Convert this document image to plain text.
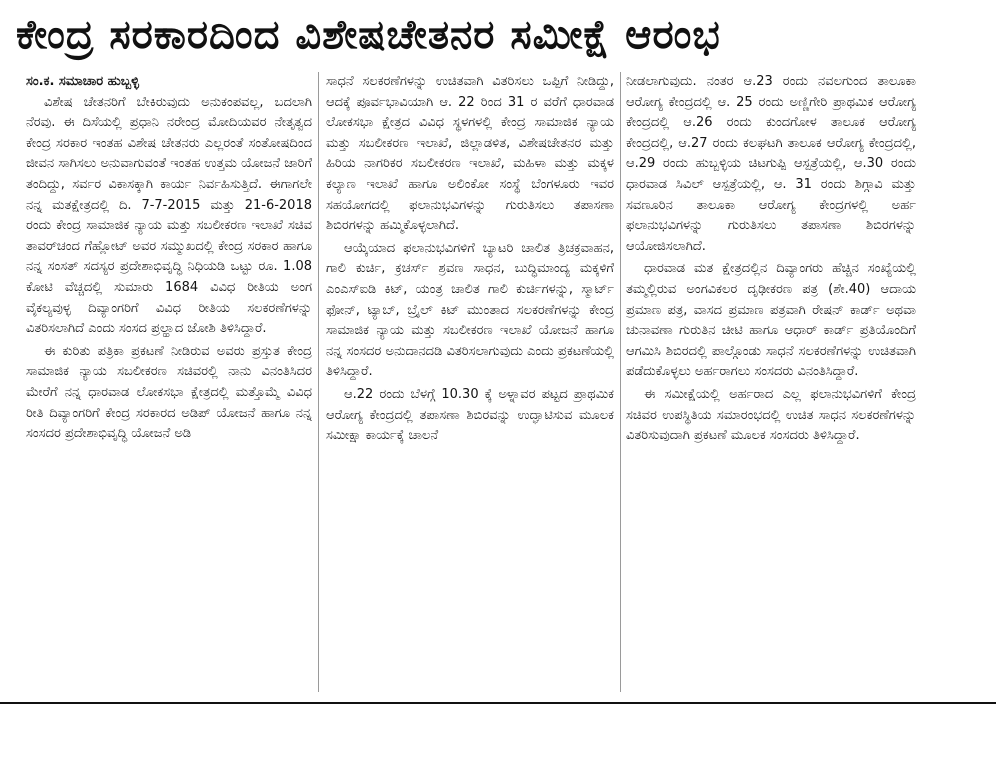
ಕೇಂದ್ರ ಸರಕಾರದಿಂದ ವಿಶೇಷಚೇತನರ ಸಮೀಕ್ಷೆ ಆರಂಭ
ಸಂ.ಕ. ಸಮಾಚಾರ ಹುಬ್ಬಳ್ಳಿ

ವಿಶೇಷ ಚೇತನರಿಗೆ ಬೇಕಿರುವುದು ಅನುಕಂಪವಲ್ಲ, ಬದಲಾಗಿ ನೆರವು. ಈ ದಿಸೆಯಲ್ಲಿ ಪ್ರಧಾನಿ ನರೇಂದ್ರ ಮೋದಿಯವರ ನೇತೃತ್ವದ ಕೇಂದ್ರ ಸರಕಾರ ಇಂತಹ ವಿಶೇಷ ಚೇತನರು ಎಲ್ಲರಂತೆ ಸಂತೋಷದಿಂದ ಜೀವನ ಸಾಗಿಸಲು ಅನುವಾಗುವಂತೆ ಇಂತಹ ಉತ್ತಮ ಯೋಜನೆ ಜಾರಿಗೆ ತಂದಿದ್ದು, ಸರ್ವರ ವಿಕಾಸಕ್ಕಾಗಿ ಕಾರ್ಯ ನಿರ್ವಹಿಸುತ್ತಿದೆ. ಈಗಾಗಲೇ ನನ್ನ ಮತಕ್ಷೇತ್ರದಲ್ಲಿ ದಿ. 7-7-2015 ಮತ್ತು 21-6-2018 ರಂದು ಕೇಂದ್ರ ಸಾಮಾಜಿಕ ನ್ಯಾಯ ಮತ್ತು ಸಬಲೀಕರಣ ಇಲಾಖೆ ಸಚಿವ ತಾವರ್‌ಚಂದ ಗೆಹ್ಲೋಟ್ ಅವರ ಸಮ್ಮುಖದಲ್ಲಿ ಕೇಂದ್ರ ಸರಕಾರ ಹಾಗೂ ನನ್ನ ಸಂಸತ್ ಸದಸ್ಯರ ಪ್ರದೇಶಾಭಿವೃದ್ಧಿ ನಿಧಿಯಡಿ ಒಟ್ಟು ರೂ. 1.08 ಕೋಟಿ ವೆಚ್ಚದಲ್ಲಿ ಸುಮಾರು 1684 ವಿವಿಧ ರೀತಿಯ ಅಂಗ ವೈಕಲ್ಯವುಳ್ಳ ದಿವ್ಯಾಂಗರಿಗೆ ವಿವಿಧ ರೀತಿಯ ಸಲಕರಣೆಗಳನ್ನು ವಿತರಿಸಲಾಗಿದೆ ಎಂದು ಸಂಸದ ಪ್ರಲ್ಹಾದ ಜೋಶಿ ತಿಳಿಸಿದ್ದಾರೆ.

ಈ ಕುರಿತು ಪತ್ರಿಕಾ ಪ್ರಕಟಣೆ ನೀಡಿರುವ ಅವರು ಪ್ರಸ್ತುತ ಕೇಂದ್ರ ಸಾಮಾಜಿಕ ನ್ಯಾಯ ಸಬಲೀಕರಣ ಸಚಿವರಲ್ಲಿ ನಾನು ವಿನಂತಿಸಿದರ ಮೇರೆಗೆ ನನ್ನ ಧಾರವಾಡ ಲೋಕಸಭಾ ಕ್ಷೇತ್ರದಲ್ಲಿ ಮತ್ತೊಮ್ಮೆ ವಿವಿಧ ರೀತಿ ದಿವ್ಯಾಂಗರಿಗೆ ಕೇಂದ್ರ ಸರಕಾರದ ಅಡಿಪ್ ಯೋಜನೆ ಹಾಗೂ ನನ್ನ ಸಂಸದರ ಪ್ರದೇಶಾಭಿವೃದ್ಧಿ ಯೋಜನೆ ಅಡಿ

ಸಾಧನೆ ಸಲಕರಣೆಗಳನ್ನು ಉಚಿತವಾಗಿ ವಿತರಿಸಲು ಒಪ್ಪಿಗೆ ನೀಡಿದ್ದು, ಆದಕ್ಕೆ ಪೂರ್ವಭಾವಿಯಾಗಿ ಆ. 22 ರಿಂದ 31 ರ ವರೆಗೆ ಧಾರವಾಡ ಲೋಕಸಭಾ ಕ್ಷೇತ್ರದ ವಿವಿಧ ಸ್ಥಳಗಳಲ್ಲಿ ಕೇಂದ್ರ ಸಾಮಾಜಿಕ ನ್ಯಾಯ ಮತ್ತು ಸಬಲೀಕರಣ ಇಲಾಖೆ, ಜಿಲ್ಲಾಡಳಿತ, ವಿಶೇಷಚೇತನರ ಮತ್ತು ಹಿರಿಯ ನಾಗರಿಕರ ಸಬಲೀಕರಣ ಇಲಾಖೆ, ಮಹಿಳಾ ಮತ್ತು ಮಕ್ಕಳ ಕಲ್ಯಾಣ ಇಲಾಖೆ ಹಾಗೂ ಅಲಿಂಕೋ ಸಂಸ್ಥೆ ಬೆಂಗಳೂರು ಇವರ ಸಹಯೋಗದಲ್ಲಿ ಫಲಾನುಭವಿಗಳನ್ನು ಗುರುತಿಸಲು ತಪಾಸಣಾ ಶಿಬಿರಗಳನ್ನು ಹಮ್ಮಿಕೊಳ್ಳಲಾಗಿದೆ.

ಆಯ್ಕೆಯಾದ ಫಲಾನುಭವಿಗಳಿಗೆ ಬ್ಯಾಟರಿ ಚಾಲಿತ ತ್ರಿಚಕ್ರವಾಹನ, ಗಾಲಿ ಕುರ್ಚಿ, ಕ್ರಚರ್ಸ್ ಶ್ರವಣ ಸಾಧನ, ಬುದ್ಧಿಮಾಂದ್ಯ ಮಕ್ಕಳಿಗೆ ಎಂಎಸ್‌ಐಡಿ ಕಿಟ್, ಯಂತ್ರ ಚಾಲಿತ ಗಾಲಿ ಕುರ್ಚಿಗಳನ್ನು, ಸ್ಮಾರ್ಟ್ ಫೋನ್, ಟ್ಯಾಬ್, ಬ್ರೈಲ್ ಕಿಟ್ ಮುಂತಾದ ಸಲಕರಣೆಗಳನ್ನು ಕೇಂದ್ರ ಸಾಮಾಜಿಕ ನ್ಯಾಯ ಮತ್ತು ಸಬಲೀಕರಣ ಇಲಾಖೆ ಯೋಜನೆ ಹಾಗೂ ನನ್ನ ಸಂಸದರ ಅನುದಾನದಡಿ ವಿತರಿಸಲಾಗುವುದು ಎಂದು ಪ್ರಕಟಣೆಯಲ್ಲಿ ತಿಳಿಸಿದ್ದಾರೆ.

ಆ.22 ರಂದು ಬೆಳಗ್ಗೆ 10.30 ಕ್ಕೆ ಅಳ್ನಾವರ ಪಟ್ಟದ ಪ್ರಾಥಮಿಕ ಆರೋಗ್ಯ ಕೇಂದ್ರದಲ್ಲಿ ತಪಾಸಣಾ ಶಿಬಿರವನ್ನು ಉದ್ಘಾಟಿಸುವ ಮೂಲಕ ಸಮೀಕ್ಷಾ ಕಾರ್ಯಕ್ಕೆ ಚಾಲನೆ

ನೀಡಲಾಗುವುದು. ನಂತರ ಆ.23 ರಂದು ನವಲಗುಂದ ತಾಲೂಕಾ ಆರೋಗ್ಯ ಕೇಂದ್ರದಲ್ಲಿ ಆ. 25 ರಂದು ಅಣ್ಣಿಗೇರಿ ಪ್ರಾಥಮಿಕ ಆರೋಗ್ಯ ಕೇಂದ್ರದಲ್ಲಿ ಆ.26 ರಂದು ಕುಂದಗೋಳ ತಾಲೂಕ ಆರೋಗ್ಯ ಕೇಂದ್ರದಲ್ಲಿ, ಆ.27 ರಂದು ಕಲಘಟಗಿ ತಾಲೂಕ ಆರೋಗ್ಯ ಕೇಂದ್ರದಲ್ಲಿ, ಆ.29 ರಂದು ಹುಬ್ಬಳ್ಳಿಯ ಚಿಟಗುಪ್ಪಿ ಆಸ್ಪತ್ರೆಯಲ್ಲಿ, ಆ.30 ರಂದು ಧಾರವಾಡ ಸಿವಿಲ್ ಆಸ್ಪತ್ರೆಯಲ್ಲಿ, ಆ. 31 ರಂದು ಶಿಗ್ಗಾವಿ ಮತ್ತು ಸವಣೂರಿನ ತಾಲೂಕಾ ಆರೋಗ್ಯ ಕೇಂದ್ರಗಳಲ್ಲಿ ಅರ್ಹ ಫಲಾನುಭವಿಗಳನ್ನು ಗುರುತಿಸಲು ತಪಾಸಣಾ ಶಿಬಿರಗಳನ್ನು ಆಯೋಜಿಸಲಾಗಿದೆ.

ಧಾರವಾಡ ಮತ ಕ್ಷೇತ್ರದಲ್ಲಿನ ದಿವ್ಯಾಂಗರು ಹೆಚ್ಚಿನ ಸಂಖ್ಯೆಯಲ್ಲಿ ತಮ್ಮಲ್ಲಿರುವ ಅಂಗವಿಕಲರ ದೃಢೀಕರಣ ಪತ್ರ (ಶೇ.40) ಆದಾಯ ಪ್ರಮಾಣ ಪತ್ರ, ವಾಸದ ಪ್ರಮಾಣ ಪತ್ರವಾಗಿ ರೇಷನ್ ಕಾರ್ಡ್ ಅಥವಾ ಚುನಾವಣಾ ಗುರುತಿನ ಚೀಟಿ ಹಾಗೂ ಆಧಾರ್ ಕಾರ್ಡ್ ಪ್ರತಿಯೊಂದಿಗೆ ಆಗಮಿಸಿ ಶಿಬಿರದಲ್ಲಿ ಪಾಲ್ಗೊಂಡು ಸಾಧನೆ ಸಲಕರಣೆಗಳನ್ನು ಉಚಿತವಾಗಿ ಪಡೆದುಕೊಳ್ಳಲು ಅರ್ಹರಾಗಲು ಸಂಸದರು ವಿನಂತಿಸಿದ್ದಾರೆ.

ಈ ಸಮೀಕ್ಷೆಯಲ್ಲಿ ಅರ್ಹರಾದ ಎಲ್ಲ ಫಲಾನುಭವಿಗಳಿಗೆ ಕೇಂದ್ರ ಸಚಿವರ ಉಪಸ್ಥಿತಿಯ ಸಮಾರಂಭದಲ್ಲಿ ಉಚಿತ ಸಾಧನ ಸಲಕರಣೆಗಳನ್ನು ವಿತರಿಸುವುದಾಗಿ ಪ್ರಕಟಣೆ ಮೂಲಕ ಸಂಸದರು ತಿಳಿಸಿದ್ದಾರೆ.
